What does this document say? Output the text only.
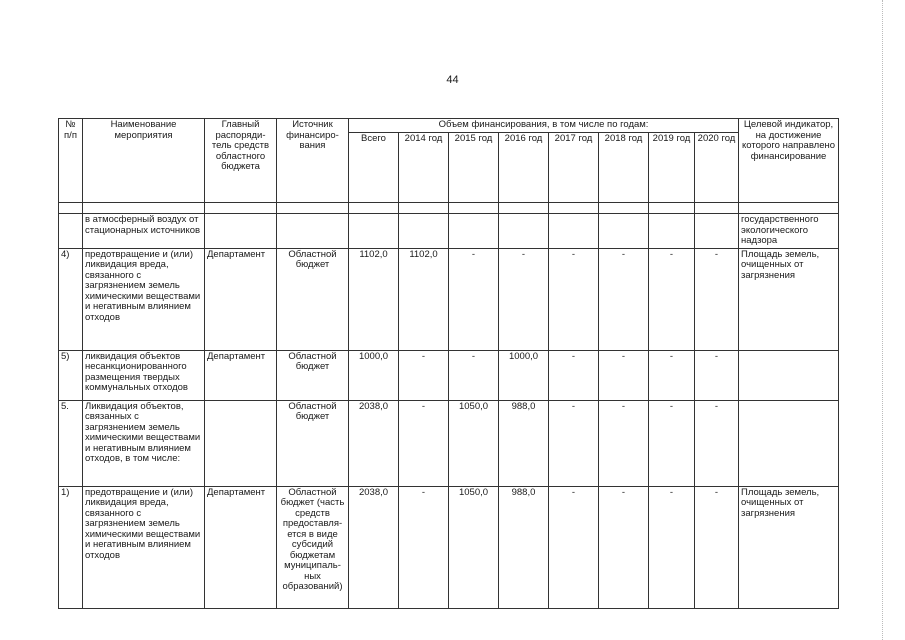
44
№ п/п	Наименование мероприятия	Главный распоряди-тель средств областного бюджета	Источник финансиро-вания	Объем финансирования, в том числе по годам:								Целевой индикатор, на достижение которого направлено финансирование
				Всего	2014 год	2015 год	2016 год	2017 год	2018 год	2019 год	2020 год	

	в атмосферный воздух от стационарных источников											государственного экологического надзора
4)	предотвращение и (или) ликвидация вреда, связанного с загрязнением земель химическими веществами и негативным влиянием отходов	Департамент	Областной бюджет	1102,0	1102,0	-	-	-	-	-	-	Площадь земель, очищенных от загрязнения
5)	ликвидация объектов несанкционированного размещения твердых коммунальных отходов	Департамент	Областной бюджет	1000,0	-	-	1000,0	-	-	-	-	
5.	Ликвидация объектов, связанных с загрязнением земель химическими веществами и негативным влиянием отходов, в том числе:		Областной бюджет	2038,0	-	1050,0	988,0	-	-	-	-	
1)	предотвращение и (или) ликвидация вреда, связанного с загрязнением земель химическими веществами и негативным влиянием отходов	Департамент	Областной бюджет (часть средств предоставля-ется в виде субсидий бюджетам муниципаль-ных образований)	2038,0	-	1050,0	988,0	-	-	-	-	Площадь земель, очищенных от загрязнения
